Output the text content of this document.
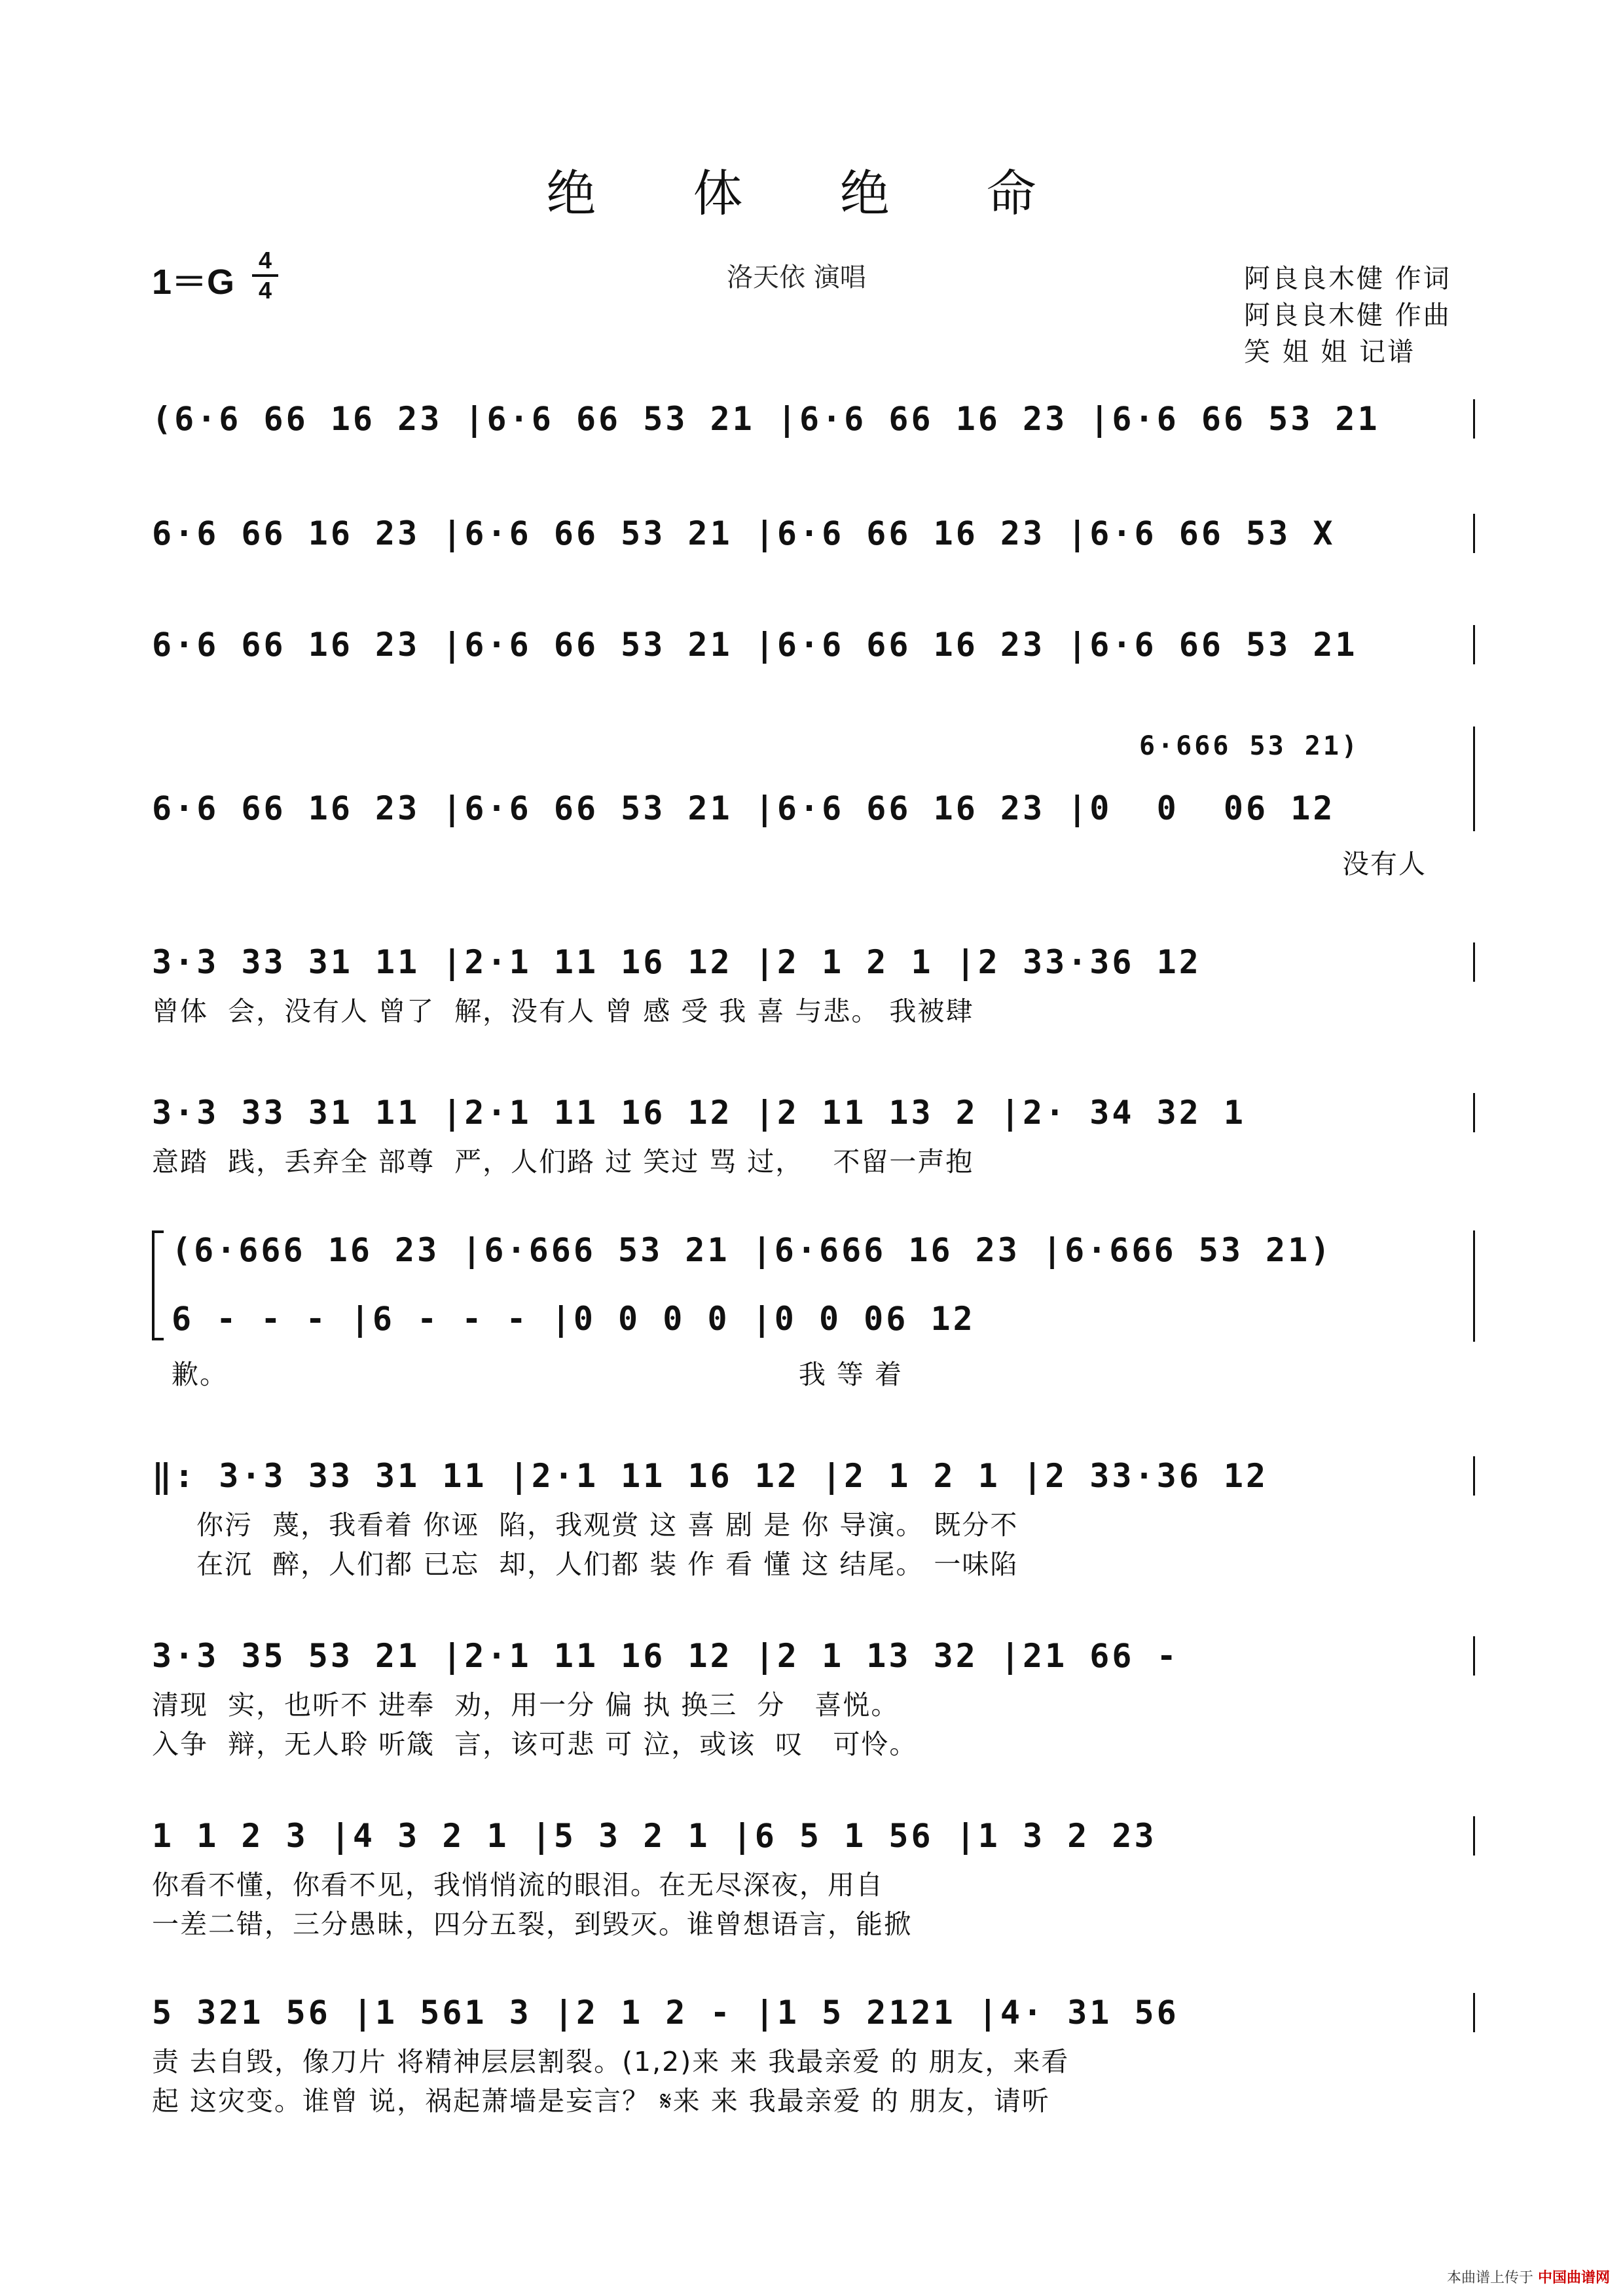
绝 体 绝 命
1＝G
4
4	洛天依 演唱	阿良良木健 作词
阿良良木健 作曲
笑 姐 姐 记谱
(6·6 66 16 23 |6·6 66 53 21 |6·6 66 16 23 |6·6 66 53 21
6·6 66 16 23 |6·6 66 53 21 |6·6 66 16 23 |6·6 66 53 X
6·6 66 16 23 |6·6 66 53 21 |6·6 66 16 23 |6·6 66 53 21
6·666 53 21)
6·6 66 16 23 |6·6 66 53 21 |6·6 66 16 23 |0  0  06 12
没有人
3·3 33 31 11 |2·1 11 16 12 |2 1 2 1 |2 33·36 12
曾体  会，没有人 曾了  解，没有人 曾 感 受 我 喜 与悲。 我被肆
3·3 33 31 11 |2·1 11 16 12 |2 11 13 2 |2· 34 32 1
意踏  践，丢弃全 部尊  严，人们路 过 笑过 骂 过，   不留一声抱
(6·666 16 23 |6·666 53 21 |6·666 16 23 |6·666 53 21)
6 - - - |6 - - - |0 0 0 0 |0 0 06 12
歉。                                                          我 等 着
‖: 3·3 33 31 11 |2·1 11 16 12 |2 1 2 1 |2 33·36 12
你污  蔑，我看着 你诬  陷，我观赏 这 喜 剧 是 你 导演。 既分不
在沉  醉，人们都 已忘  却，人们都 装 作 看 懂 这 结尾。 一味陷
3·3 35 53 21 |2·1 11 16 12 |2 1 13 32 |21 66 -
清现  实，也听不 进奉  劝，用一分 偏 执 换三  分   喜悦。
入争  辩，无人聆 听箴  言，该可悲 可 泣，或该  叹   可怜。
1 1 2 3 |4 3 2 1 |5 3 2 1 |6 5 1 56 |1 3 2 23
你看不懂，你看不见，我悄悄流的眼泪。在无尽深夜，用自
一差二错，三分愚昧，四分五裂，到毁灭。谁曾想语言，能掀
5 321 56 |1 561 3 |2 1 2 - |1 5 2121 |4· 31 56
责 去自毁，像刀片 将精神层层割裂。(1,2)来 来 我最亲爱 的 朋友，来看
起 这灾变。谁曾 说，祸起萧墙是妄言？ 𝄋来 来 我最亲爱 的 朋友，请听
本曲谱上传于 中国曲谱网
